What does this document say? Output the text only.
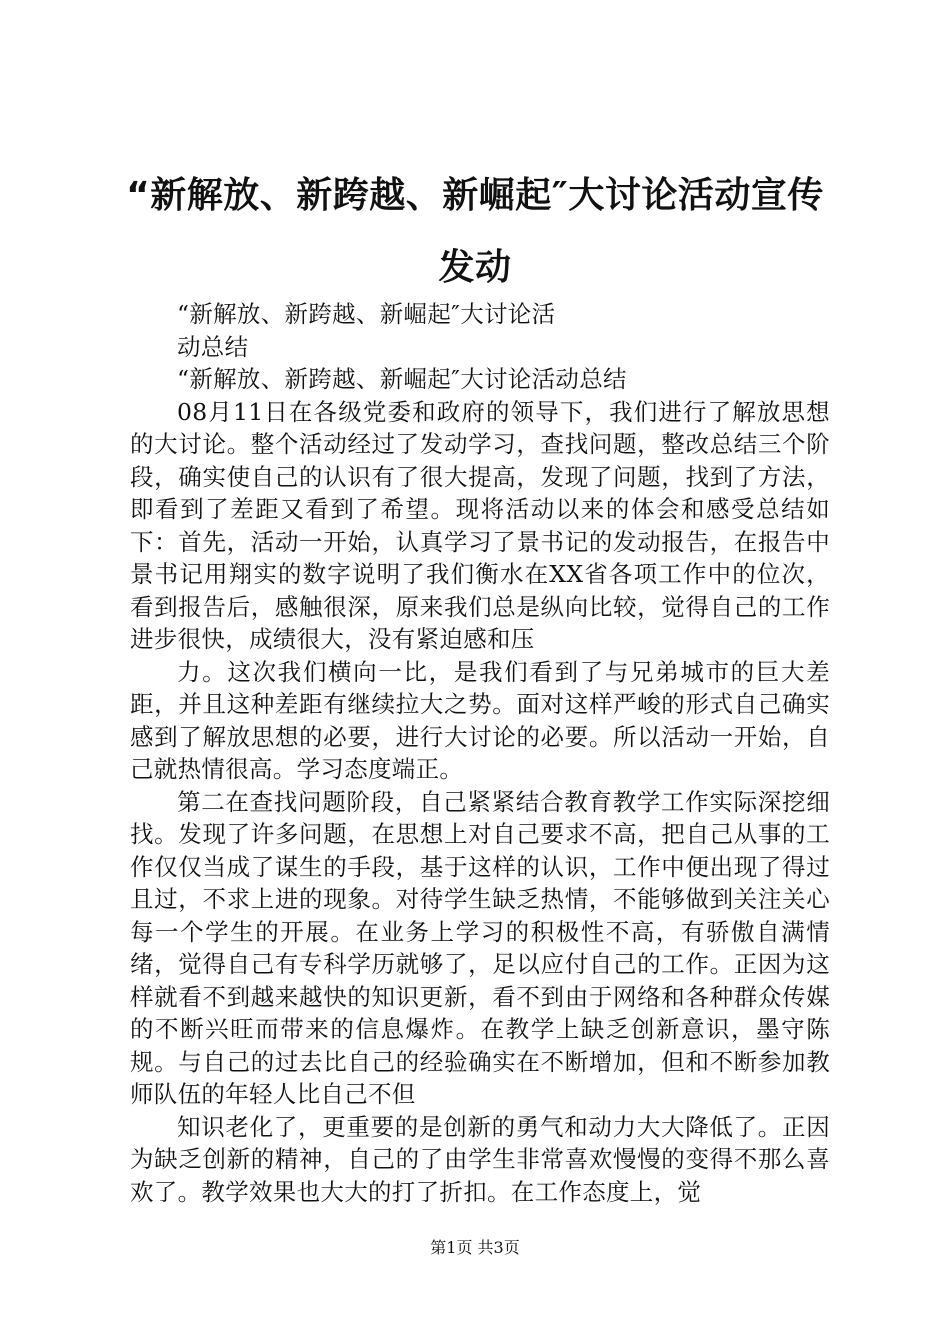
“新解放、新跨越、新崛起″大讨论活动宣传
发动

“新解放、新跨越、新崛起″大讨论活

动总结

“新解放、新跨越、新崛起″大讨论活动总结

08月11日在各级党委和政府的领导下，我们进行了解放思想的大讨论。整个活动经过了发动学习，查找问题，整改总结三个阶段，确实使自己的认识有了很大提高，发现了问题，找到了方法，即看到了差距又看到了希望。现将活动以来的体会和感受总结如下：首先，活动一开始，认真学习了景书记的发动报告，在报告中景书记用翔实的数字说明了我们衡水在XX省各项工作中的位次，看到报告后，感触很深，原来我们总是纵向比较，觉得自己的工作进步很快，成绩很大，没有紧迫感和压

力。这次我们横向一比，是我们看到了与兄弟城市的巨大差距，并且这种差距有继续拉大之势。面对这样严峻的形式自己确实感到了解放思想的必要，进行大讨论的必要。所以活动一开始，自己就热情很高。学习态度端正。

第二在查找问题阶段，自己紧紧结合教育教学工作实际深挖细找。发现了许多问题，在思想上对自己要求不高，把自己从事的工作仅仅当成了谋生的手段，基于这样的认识，工作中便出现了得过且过，不求上进的现象。对待学生缺乏热情，不能够做到关注关心每一个学生的开展。在业务上学习的积极性不高，有骄傲自满情绪，觉得自己有专科学历就够了，足以应付自己的工作。正因为这样就看不到越来越快的知识更新，看不到由于网络和各种群众传媒的不断兴旺而带来的信息爆炸。在教学上缺乏创新意识，墨守陈规。与自己的过去比自己的经验确实在不断增加，但和不断参加教师队伍的年轻人比自己不但

知识老化了，更重要的是创新的勇气和动力大大降低了。正因为缺乏创新的精神，自己的了由学生非常喜欢慢慢的变得不那么喜欢了。教学效果也大大的打了折扣。在工作态度上，觉

第1页 共3页
